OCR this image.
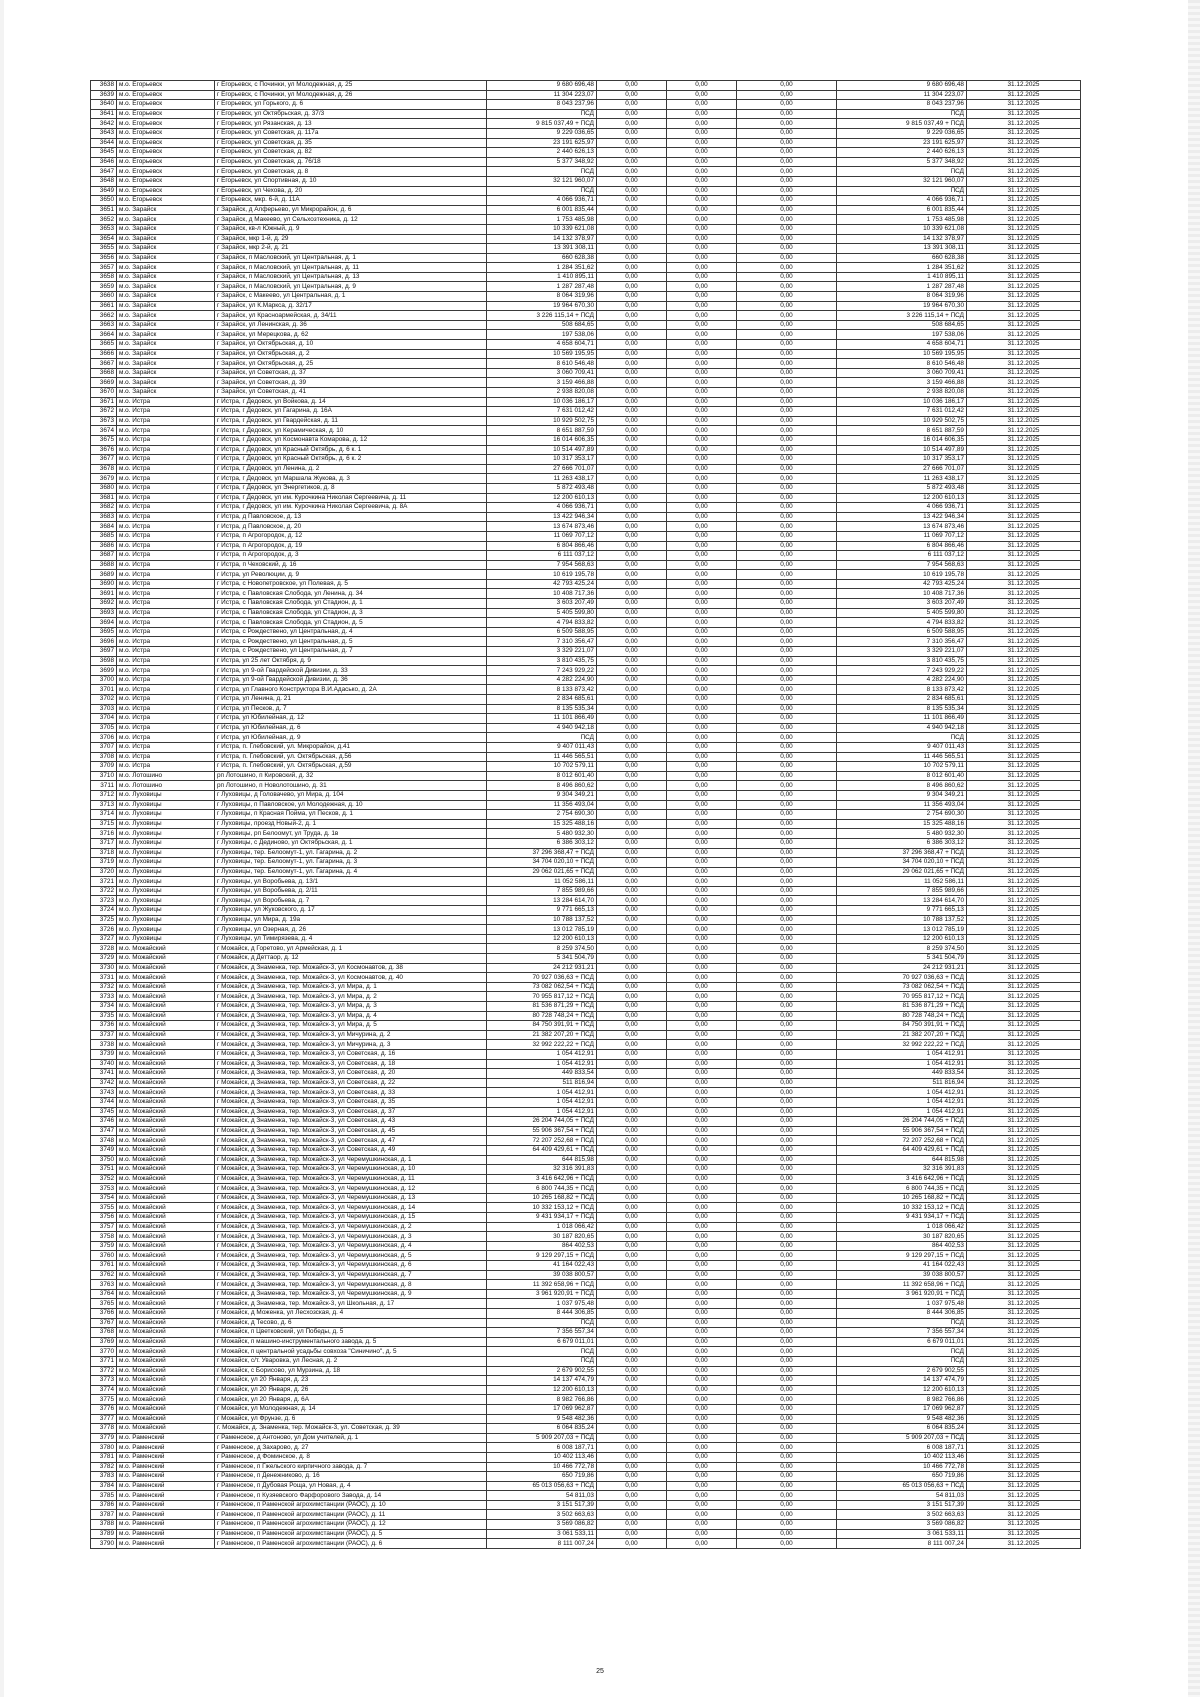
3638	м.о. Егорьевск	г Егорьевск, с Починки, ул Молодежная, д. 25	9 680 696,48	0,00	0,00	0,00	9 680 696,48	31.12.2025
3639	м.о. Егорьевск	г Егорьевск, с Починки, ул Молодежная, д. 26	11 304 223,07	0,00	0,00	0,00	11 304 223,07	31.12.2025
3640	м.о. Егорьевск	г Егорьевск, ул Горького, д. 6	8 043 237,96	0,00	0,00	0,00	8 043 237,96	31.12.2025
3641	м.о. Егорьевск	г Егорьевск, ул Октябрьская, д. 37/3	ПСД	0,00	0,00	0,00	ПСД	31.12.2025
3642	м.о. Егорьевск	г Егорьевск, ул Рязанская, д. 13	9 815 037,49 + ПСД	0,00	0,00	0,00	9 815 037,49 + ПСД	31.12.2025
3643	м.о. Егорьевск	г Егорьевск, ул Советская, д. 117а	9 229 036,65	0,00	0,00	0,00	9 229 036,65	31.12.2025
3644	м.о. Егорьевск	г Егорьевск, ул Советская, д. 35	23 191 625,97	0,00	0,00	0,00	23 191 625,97	31.12.2025
3645	м.о. Егорьевск	г Егорьевск, ул Советская, д. 82	2 440 626,13	0,00	0,00	0,00	2 440 626,13	31.12.2025
3646	м.о. Егорьевск	г Егорьевск, ул Советская, д. 76/18	5 377 348,92	0,00	0,00	0,00	5 377 348,92	31.12.2025
3647	м.о. Егорьевск	г Егорьевск, ул Советская, д. 8	ПСД	0,00	0,00	0,00	ПСД	31.12.2025
3648	м.о. Егорьевск	г Егорьевск, ул Спортивная, д. 10	32 121 960,07	0,00	0,00	0,00	32 121 960,07	31.12.2025
3649	м.о. Егорьевск	г Егорьевск, ул Чехова, д. 20	ПСД	0,00	0,00	0,00	ПСД	31.12.2025
3650	м.о. Егорьевск	г Егорьевск, мкр. 6-й, д. 11А	4 066 936,71	0,00	0,00	0,00	4 066 936,71	31.12.2025
3651	м.о. Зарайск	г Зарайск, д Алферьево, ул Микрорайон, д. 6	6 001 835,44	0,00	0,00	0,00	6 001 835,44	31.12.2025
3652	м.о. Зарайск	г Зарайск, д Макеево, ул Сельхозтехника, д. 12	1 753 485,98	0,00	0,00	0,00	1 753 485,98	31.12.2025
3653	м.о. Зарайск	г Зарайск, кв-л Южный, д. 9	10 339 621,08	0,00	0,00	0,00	10 339 621,08	31.12.2025
3654	м.о. Зарайск	г Зарайск, мкр 1-й, д. 29	14 132 378,97	0,00	0,00	0,00	14 132 378,97	31.12.2025
3655	м.о. Зарайск	г Зарайск, мкр 2-й, д. 21	13 391 308,11	0,00	0,00	0,00	13 391 308,11	31.12.2025
3656	м.о. Зарайск	г Зарайск, п Масловский, ул Центральная, д. 1	660 628,38	0,00	0,00	0,00	660 628,38	31.12.2025
3657	м.о. Зарайск	г Зарайск, п Масловский, ул Центральная, д. 11	1 284 351,62	0,00	0,00	0,00	1 284 351,62	31.12.2025
3658	м.о. Зарайск	г Зарайск, п Масловский, ул Центральная, д. 13	1 410 895,11	0,00	0,00	0,00	1 410 895,11	31.12.2025
3659	м.о. Зарайск	г Зарайск, п Масловский, ул Центральная, д. 9	1 287 287,48	0,00	0,00	0,00	1 287 287,48	31.12.2025
3660	м.о. Зарайск	г Зарайск, с Макеево, ул Центральная, д. 1	8 064 319,96	0,00	0,00	0,00	8 064 319,96	31.12.2025
3661	м.о. Зарайск	г Зарайск, ул К.Маркса, д. 32/17	19 964 670,30	0,00	0,00	0,00	19 964 670,30	31.12.2025
3662	м.о. Зарайск	г Зарайск, ул Красноармейская, д. 34/11	3 226 115,14 + ПСД	0,00	0,00	0,00	3 226 115,14 + ПСД	31.12.2025
3663	м.о. Зарайск	г Зарайск, ул Ленинская, д. 36	508 684,65	0,00	0,00	0,00	508 684,65	31.12.2025
3664	м.о. Зарайск	г Зарайск, ул Мерецкова, д. 62	197 538,06	0,00	0,00	0,00	197 538,06	31.12.2025
3665	м.о. Зарайск	г Зарайск, ул Октябрьская, д. 10	4 658 604,71	0,00	0,00	0,00	4 658 604,71	31.12.2025
3666	м.о. Зарайск	г Зарайск, ул Октябрьская, д. 2	10 569 195,95	0,00	0,00	0,00	10 569 195,95	31.12.2025
3667	м.о. Зарайск	г Зарайск, ул Октябрьская, д. 25	8 610 546,48	0,00	0,00	0,00	8 610 546,48	31.12.2025
3668	м.о. Зарайск	г Зарайск, ул Советская, д. 37	3 060 709,41	0,00	0,00	0,00	3 060 709,41	31.12.2025
3669	м.о. Зарайск	г Зарайск, ул Советская, д. 39	3 159 466,88	0,00	0,00	0,00	3 159 466,88	31.12.2025
3670	м.о. Зарайск	г Зарайск, ул Советская, д. 41	2 938 820,08	0,00	0,00	0,00	2 938 820,08	31.12.2025
3671	м.о. Истра	г Истра, г Дедовск, ул Войкова, д. 14	10 036 186,17	0,00	0,00	0,00	10 036 186,17	31.12.2025
3672	м.о. Истра	г Истра, г Дедовск, ул Гагарина, д. 16А	7 631 012,42	0,00	0,00	0,00	7 631 012,42	31.12.2025
3673	м.о. Истра	г Истра, г Дедовск, ул Гвардейская, д. 11	10 929 502,75	0,00	0,00	0,00	10 929 502,75	31.12.2025
3674	м.о. Истра	г Истра, г Дедовск, ул Керамическая, д. 10	8 651 887,59	0,00	0,00	0,00	8 651 887,59	31.12.2025
3675	м.о. Истра	г Истра, г Дедовск, ул Космонавта Комарова, д. 12	16 014 606,35	0,00	0,00	0,00	16 014 606,35	31.12.2025
3676	м.о. Истра	г Истра, г Дедовск, ул Красный Октябрь, д. 6 к. 1	10 514 497,89	0,00	0,00	0,00	10 514 497,89	31.12.2025
3677	м.о. Истра	г Истра, г Дедовск, ул Красный Октябрь, д. 6 к. 2	10 317 353,17	0,00	0,00	0,00	10 317 353,17	31.12.2025
3678	м.о. Истра	г Истра, г Дедовск, ул Ленина, д. 2	27 666 701,07	0,00	0,00	0,00	27 666 701,07	31.12.2025
3679	м.о. Истра	г Истра, г Дедовск, ул Маршала Жукова, д. 3	11 263 438,17	0,00	0,00	0,00	11 263 438,17	31.12.2025
3680	м.о. Истра	г Истра, г Дедовск, ул Энергетиков, д. 8	5 872 493,48	0,00	0,00	0,00	5 872 493,48	31.12.2025
3681	м.о. Истра	г Истра, г Дедовск, ул им. Курочкина Николая Сергеевича, д. 11	12 200 610,13	0,00	0,00	0,00	12 200 610,13	31.12.2025
3682	м.о. Истра	г Истра, г Дедовск, ул им. Курочкина Николая Сергеевича, д. 8А	4 066 936,71	0,00	0,00	0,00	4 066 936,71	31.12.2025
3683	м.о. Истра	г Истра, д Павловское, д. 13	13 422 946,34	0,00	0,00	0,00	13 422 946,34	31.12.2025
3684	м.о. Истра	г Истра, д Павловское, д. 20	13 674 873,46	0,00	0,00	0,00	13 674 873,46	31.12.2025
3685	м.о. Истра	г Истра, п Агрогородок, д. 12	11 069 707,12	0,00	0,00	0,00	11 069 707,12	31.12.2025
3686	м.о. Истра	г Истра, п Агрогородок, д. 19	6 804 866,46	0,00	0,00	0,00	6 804 866,46	31.12.2025
3687	м.о. Истра	г Истра, п Агрогородок, д. 3	6 111 037,12	0,00	0,00	0,00	6 111 037,12	31.12.2025
3688	м.о. Истра	г Истра, п Чеховский, д. 16	7 954 568,63	0,00	0,00	0,00	7 954 568,63	31.12.2025
3689	м.о. Истра	г Истра, ул Революции, д. 9	10 619 195,78	0,00	0,00	0,00	10 619 195,78	31.12.2025
3690	м.о. Истра	г Истра, с Новопетровское, ул Полевая, д. 5	42 793 425,24	0,00	0,00	0,00	42 793 425,24	31.12.2025
3691	м.о. Истра	г Истра, с Павловская Слобода, ул Ленина, д. 34	10 408 717,36	0,00	0,00	0,00	10 408 717,36	31.12.2025
3692	м.о. Истра	г Истра, с Павловская Слобода, ул Стадион, д. 1	3 603 207,49	0,00	0,00	0,00	3 603 207,49	31.12.2025
3693	м.о. Истра	г Истра, с Павловская Слобода, ул Стадион, д. 3	5 405 599,80	0,00	0,00	0,00	5 405 599,80	31.12.2025
3694	м.о. Истра	г Истра, с Павловская Слобода, ул Стадион, д. 5	4 794 833,82	0,00	0,00	0,00	4 794 833,82	31.12.2025
3695	м.о. Истра	г Истра, с Рождествено, ул Центральная, д. 4	6 509 588,95	0,00	0,00	0,00	6 509 588,95	31.12.2025
3696	м.о. Истра	г Истра, с Рождествено, ул Центральная, д. 5	7 310 356,47	0,00	0,00	0,00	7 310 356,47	31.12.2025
3697	м.о. Истра	г Истра, с Рождествено, ул Центральная, д. 7	3 329 221,07	0,00	0,00	0,00	3 329 221,07	31.12.2025
3698	м.о. Истра	г Истра, ул 25 лет Октября, д. 9	3 810 435,75	0,00	0,00	0,00	3 810 435,75	31.12.2025
3699	м.о. Истра	г Истра, ул 9-ой Гвардейской Дивизии, д. 33	7 243 929,22	0,00	0,00	0,00	7 243 929,22	31.12.2025
3700	м.о. Истра	г Истра, ул 9-ой Гвардейской Дивизии, д. 36	4 282 224,90	0,00	0,00	0,00	4 282 224,90	31.12.2025
3701	м.о. Истра	г Истра, ул Главного Конструктора В.И.Адасько, д. 2А	8 133 873,42	0,00	0,00	0,00	8 133 873,42	31.12.2025
3702	м.о. Истра	г Истра, ул Ленина, д. 21	2 834 685,61	0,00	0,00	0,00	2 834 685,61	31.12.2025
3703	м.о. Истра	г Истра, ул Песков, д. 7	8 135 535,34	0,00	0,00	0,00	8 135 535,34	31.12.2025
3704	м.о. Истра	г Истра, ул Юбилейная, д. 12	11 101 866,49	0,00	0,00	0,00	11 101 866,49	31.12.2025
3705	м.о. Истра	г Истра, ул Юбилейная, д. 6	4 940 942,18	0,00	0,00	0,00	4 940 942,18	31.12.2025
3706	м.о. Истра	г Истра, ул Юбилейная, д. 9	ПСД	0,00	0,00	0,00	ПСД	31.12.2025
3707	м.о. Истра	г Истра, п. Глебовский, ул. Микрорайон, д.41	9 407 011,43	0,00	0,00	0,00	9 407 011,43	31.12.2025
3708	м.о. Истра	г Истра, п. Глебовский, ул. Октябрьская, д.56	11 446 565,51	0,00	0,00	0,00	11 446 565,51	31.12.2025
3709	м.о. Истра	г Истра, п. Глебовский, ул. Октябрьская, д.59	10 702 579,11	0,00	0,00	0,00	10 702 579,11	31.12.2025
3710	м.о. Лотошино	рп Лотошино, п Кировский, д. 32	8 012 601,40	0,00	0,00	0,00	8 012 601,40	31.12.2025
3711	м.о. Лотошино	рп Лотошино, п Новолотошино, д. 31	8 496 860,62	0,00	0,00	0,00	8 496 860,62	31.12.2025
3712	м.о. Луховицы	г Луховицы, д Головачево, ул Мира, д. 104	9 304 349,21	0,00	0,00	0,00	9 304 349,21	31.12.2025
3713	м.о. Луховицы	г Луховицы, п Павловское, ул Молодежная, д. 10	11 356 493,04	0,00	0,00	0,00	11 356 493,04	31.12.2025
3714	м.о. Луховицы	г Луховицы, п Красная Пойма, ул Песков, д. 1	2 754 690,30	0,00	0,00	0,00	2 754 690,30	31.12.2025
3715	м.о. Луховицы	г Луховицы, проезд Новый-2, д. 1	15 325 488,16	0,00	0,00	0,00	15 325 488,16	31.12.2025
3716	м.о. Луховицы	г Луховицы, рп Белоомут, ул Труда, д. 1в	5 480 932,30	0,00	0,00	0,00	5 480 932,30	31.12.2025
3717	м.о. Луховицы	г Луховицы, с Дединово, ул Октябрьская, д. 1	6 386 303,12	0,00	0,00	0,00	6 386 303,12	31.12.2025
3718	м.о. Луховицы	г Луховицы, тер. Белоомут-1, ул. Гагарина, д. 2	37 296 368,47 + ПСД	0,00	0,00	0,00	37 296 368,47 + ПСД	31.12.2025
3719	м.о. Луховицы	г Луховицы, тер. Белоомут-1, ул. Гагарина, д. 3	34 704 020,10 + ПСД	0,00	0,00	0,00	34 704 020,10 + ПСД	31.12.2025
3720	м.о. Луховицы	г Луховицы, тер. Белоомут-1, ул. Гагарина, д. 4	29 062 021,65 + ПСД	0,00	0,00	0,00	29 062 021,65 + ПСД	31.12.2025
3721	м.о. Луховицы	г Луховицы, ул Воробьева, д. 13/1	11 052 586,11	0,00	0,00	0,00	11 052 586,11	31.12.2025
3722	м.о. Луховицы	г Луховицы, ул Воробьева, д. 2/11	7 855 989,66	0,00	0,00	0,00	7 855 989,66	31.12.2025
3723	м.о. Луховицы	г Луховицы, ул Воробьева, д. 7	13 284 614,70	0,00	0,00	0,00	13 284 614,70	31.12.2025
3724	м.о. Луховицы	г Луховицы, ул Жуковского, д. 17	9 771 665,13	0,00	0,00	0,00	9 771 665,13	31.12.2025
3725	м.о. Луховицы	г Луховицы, ул Мира, д. 19а	10 788 137,52	0,00	0,00	0,00	10 788 137,52	31.12.2025
3726	м.о. Луховицы	г Луховицы, ул Озерная, д. 26	13 012 785,19	0,00	0,00	0,00	13 012 785,19	31.12.2025
3727	м.о. Луховицы	г Луховицы, ул Тимирязева, д. 4	12 200 610,13	0,00	0,00	0,00	12 200 610,13	31.12.2025
3728	м.о. Можайский	г Можайск, д Горетово, ул Армейская, д. 1	8 259 374,50	0,00	0,00	0,00	8 259 374,50	31.12.2025
3729	м.о. Можайский	г Можайск, д Деттаор, д. 12	5 341 504,79	0,00	0,00	0,00	5 341 504,79	31.12.2025
3730	м.о. Можайский	г Можайск, д Знаменка, тер. Можайск-3, ул Космонавтов, д. 38	24 212 931,21	0,00	0,00	0,00	24 212 931,21	31.12.2025
3731	м.о. Можайский	г Можайск, д Знаменка, тер. Можайск-3, ул Космонавтов, д. 40	70 927 036,63 + ПСД	0,00	0,00	0,00	70 927 036,63 + ПСД	31.12.2025
3732	м.о. Можайский	г Можайск, д Знаменка, тер. Можайск-3, ул Мира, д. 1	73 082 062,54 + ПСД	0,00	0,00	0,00	73 082 062,54 + ПСД	31.12.2025
3733	м.о. Можайский	г Можайск, д Знаменка, тер. Можайск-3, ул Мира, д. 2	70 955 817,12 + ПСД	0,00	0,00	0,00	70 955 817,12 + ПСД	31.12.2025
3734	м.о. Можайский	г Можайск, д Знаменка, тер. Можайск-3, ул Мира, д. 3	81 536 871,29 + ПСД	0,00	0,00	0,00	81 536 871,29 + ПСД	31.12.2025
3735	м.о. Можайский	г Можайск, д Знаменка, тер. Можайск-3, ул Мира, д. 4	80 728 748,24 + ПСД	0,00	0,00	0,00	80 728 748,24 + ПСД	31.12.2025
3736	м.о. Можайский	г Можайск, д Знаменка, тер. Можайск-3, ул Мира, д. 5	84 750 391,91 + ПСД	0,00	0,00	0,00	84 750 391,91 + ПСД	31.12.2025
3737	м.о. Можайский	г Можайск, д Знаменка, тер. Можайск-3, ул Мичурина, д. 2	21 382 207,20 + ПСД	0,00	0,00	0,00	21 382 207,20 + ПСД	31.12.2025
3738	м.о. Можайский	г Можайск, д Знаменка, тер. Можайск-3, ул Мичурина, д. 3	32 992 222,22 + ПСД	0,00	0,00	0,00	32 992 222,22 + ПСД	31.12.2025
3739	м.о. Можайский	г Можайск, д Знаменка, тер. Можайск-3, ул Советская, д. 16	1 054 412,91	0,00	0,00	0,00	1 054 412,91	31.12.2025
3740	м.о. Можайский	г Можайск, д Знаменка, тер. Можайск-3, ул Советская, д. 18	1 054 412,91	0,00	0,00	0,00	1 054 412,91	31.12.2025
3741	м.о. Можайский	г Можайск, д Знаменка, тер. Можайск-3, ул Советская, д. 20	449 833,54	0,00	0,00	0,00	449 833,54	31.12.2025
3742	м.о. Можайский	г Можайск, д Знаменка, тер. Можайск-3, ул Советская, д. 22	511 816,94	0,00	0,00	0,00	511 816,94	31.12.2025
3743	м.о. Можайский	г Можайск, д Знаменка, тер. Можайск-3, ул Советская, д. 33	1 054 412,91	0,00	0,00	0,00	1 054 412,91	31.12.2025
3744	м.о. Можайский	г Можайск, д Знаменка, тер. Можайск-3, ул Советская, д. 35	1 054 412,91	0,00	0,00	0,00	1 054 412,91	31.12.2025
3745	м.о. Можайский	г Можайск, д Знаменка, тер. Можайск-3, ул Советская, д. 37	1 054 412,91	0,00	0,00	0,00	1 054 412,91	31.12.2025
3746	м.о. Можайский	г Можайск, д Знаменка, тер. Можайск-3, ул Советская, д. 43	26 204 744,05 + ПСД	0,00	0,00	0,00	26 204 744,05 + ПСД	31.12.2025
3747	м.о. Можайский	г Можайск, д Знаменка, тер. Можайск-3, ул Советская, д. 45	55 906 367,54 + ПСД	0,00	0,00	0,00	55 906 367,54 + ПСД	31.12.2025
3748	м.о. Можайский	г Можайск, д Знаменка, тер. Можайск-3, ул Советская, д. 47	72 207 252,68 + ПСД	0,00	0,00	0,00	72 207 252,68 + ПСД	31.12.2025
3749	м.о. Можайский	г Можайск, д Знаменка, тер. Можайск-3, ул Советская, д. 49	64 409 429,61 + ПСД	0,00	0,00	0,00	64 409 429,61 + ПСД	31.12.2025
3750	м.о. Можайский	г Можайск, д Знаменка, тер. Можайск-3, ул Черемушкинская, д. 1	644 815,98	0,00	0,00	0,00	644 815,98	31.12.2025
3751	м.о. Можайский	г Можайск, д Знаменка, тер. Можайск-3, ул Черемушкинская, д. 10	32 316 391,83	0,00	0,00	0,00	32 316 391,83	31.12.2025
3752	м.о. Можайский	г Можайск, д Знаменка, тер. Можайск-3, ул Черемушкинская, д. 11	3 416 642,96 + ПСД	0,00	0,00	0,00	3 416 642,96 + ПСД	31.12.2025
3753	м.о. Можайский	г Можайск, д Знаменка, тер. Можайск-3, ул Черемушкинская, д. 12	6 800 744,35 + ПСД	0,00	0,00	0,00	6 800 744,35 + ПСД	31.12.2025
3754	м.о. Можайский	г Можайск, д Знаменка, тер. Можайск-3, ул Черемушкинская, д. 13	10 265 168,82 + ПСД	0,00	0,00	0,00	10 265 168,82 + ПСД	31.12.2025
3755	м.о. Можайский	г Можайск, д Знаменка, тер. Можайск-3, ул Черемушкинская, д. 14	10 332 153,12 + ПСД	0,00	0,00	0,00	10 332 153,12 + ПСД	31.12.2025
3756	м.о. Можайский	г Можайск, д Знаменка, тер. Можайск-3, ул Черемушкинская, д. 15	9 431 934,17 + ПСД	0,00	0,00	0,00	9 431 934,17 + ПСД	31.12.2025
3757	м.о. Можайский	г Можайск, д Знаменка, тер. Можайск-3, ул Черемушкинская, д. 2	1 018 066,42	0,00	0,00	0,00	1 018 066,42	31.12.2025
3758	м.о. Можайский	г Можайск, д Знаменка, тер. Можайск-3, ул Черемушкинская, д. 3	30 187 820,65	0,00	0,00	0,00	30 187 820,65	31.12.2025
3759	м.о. Можайский	г Можайск, д Знаменка, тер. Можайск-3, ул Черемушкинская, д. 4	864 402,53	0,00	0,00	0,00	864 402,53	31.12.2025
3760	м.о. Можайский	г Можайск, д Знаменка, тер. Можайск-3, ул Черемушкинская, д. 5	9 129 297,15 + ПСД	0,00	0,00	0,00	9 129 297,15 + ПСД	31.12.2025
3761	м.о. Можайский	г Можайск, д Знаменка, тер. Можайск-3, ул Черемушкинская, д. 6	41 164 022,43	0,00	0,00	0,00	41 164 022,43	31.12.2025
3762	м.о. Можайский	г Можайск, д Знаменка, тер. Можайск-3, ул Черемушкинская, д. 7	39 038 800,57	0,00	0,00	0,00	39 038 800,57	31.12.2025
3763	м.о. Можайский	г Можайск, д Знаменка, тер. Можайск-3, ул Черемушкинская, д. 8	11 392 658,96 + ПСД	0,00	0,00	0,00	11 392 658,96 + ПСД	31.12.2025
3764	м.о. Можайский	г Можайск, д Знаменка, тер. Можайск-3, ул Черемушкинская, д. 9	3 961 920,91 + ПСД	0,00	0,00	0,00	3 961 920,91 + ПСД	31.12.2025
3765	м.о. Можайский	г Можайск, д Знаменка, тер. Можайск-3, ул Школьная, д. 17	1 037 975,48	0,00	0,00	0,00	1 037 975,48	31.12.2025
3766	м.о. Можайский	г Можайск, д Моженка, ул Лесхозская, д. 4	8 444 306,85	0,00	0,00	0,00	8 444 306,85	31.12.2025
3767	м.о. Можайский	г Можайск, д Тесово, д. 6	ПСД	0,00	0,00	0,00	ПСД	31.12.2025
3768	м.о. Можайский	г Можайск, п Цветковский, ул Победы, д. 5	7 356 557,34	0,00	0,00	0,00	7 356 557,34	31.12.2025
3769	м.о. Можайский	г Можайск, п машино-инструментального завода, д. 5	6 679 011,01	0,00	0,00	0,00	6 679 011,01	31.12.2025
3770	м.о. Можайский	г Можайск, п центральной усадьбы совхоза "Синичино", д. 5	ПСД	0,00	0,00	0,00	ПСД	31.12.2025
3771	м.о. Можайский	г Можайск, с/т. Уваровка, ул Лесная, д. 2	ПСД	0,00	0,00	0,00	ПСД	31.12.2025
3772	м.о. Можайский	г Можайск, с Борисово, ул Мурзина, д. 18	2 679 902,55	0,00	0,00	0,00	2 679 902,55	31.12.2025
3773	м.о. Можайский	г Можайск, ул 20 Января, д. 23	14 137 474,79	0,00	0,00	0,00	14 137 474,79	31.12.2025
3774	м.о. Можайский	г Можайск, ул 20 Января, д. 26	12 200 610,13	0,00	0,00	0,00	12 200 610,13	31.12.2025
3775	м.о. Можайский	г Можайск, ул 20 Января, д. 6А	8 982 766,86	0,00	0,00	0,00	8 982 766,86	31.12.2025
3776	м.о. Можайский	г Можайск, ул Молодежная, д. 14	17 069 962,87	0,00	0,00	0,00	17 069 962,87	31.12.2025
3777	м.о. Можайский	г Можайск, ул Фрунзе, д. 6	9 548 482,36	0,00	0,00	0,00	9 548 482,36	31.12.2025
3778	м.о. Можайский	г. Можайск, д. Знаменка, тер. Можайск-3, ул. Советская, д. 39	6 064 835,24	0,00	0,00	0,00	6 064 835,24	31.12.2025
3779	м.о. Раменский	г Раменское, д Антоново, ул Дом учителей, д. 1	5 909 207,03 + ПСД	0,00	0,00	0,00	5 909 207,03 + ПСД	31.12.2025
3780	м.о. Раменский	г Раменское, д Захарово, д. 27	6 008 187,71	0,00	0,00	0,00	6 008 187,71	31.12.2025
3781	м.о. Раменский	г Раменское, д Фоминское, д. 8	10 402 113,46	0,00	0,00	0,00	10 402 113,46	31.12.2025
3782	м.о. Раменский	г Раменское, п Гжельского кирпичного завода, д. 7	10 466 772,78	0,00	0,00	0,00	10 466 772,78	31.12.2025
3783	м.о. Раменский	г Раменское, п Денежниково, д. 16	650 719,86	0,00	0,00	0,00	650 719,86	31.12.2025
3784	м.о. Раменский	г Раменское, п Дубовая Роща, ул Новая, д. 4	65 013 056,63 + ПСД	0,00	0,00	0,00	65 013 056,63 + ПСД	31.12.2025
3785	м.о. Раменский	г Раменское, п Кузяевского Фарфорового Завода, д. 14	54 811,03	0,00	0,00	0,00	54 811,03	31.12.2025
3786	м.о. Раменский	г Раменское, п Раменской агрохимстанции (РАОС), д. 10	3 151 517,39	0,00	0,00	0,00	3 151 517,39	31.12.2025
3787	м.о. Раменский	г Раменское, п Раменской агрохимстанции (РАОС), д. 11	3 502 663,63	0,00	0,00	0,00	3 502 663,63	31.12.2025
3788	м.о. Раменский	г Раменское, п Раменской агрохимстанции (РАОС), д. 12	3 569 086,82	0,00	0,00	0,00	3 569 086,82	31.12.2025
3789	м.о. Раменский	г Раменское, п Раменской агрохимстанции (РАОС), д. 5	3 061 533,11	0,00	0,00	0,00	3 061 533,11	31.12.2025
3790	м.о. Раменский	г Раменское, п Раменской агрохимстанции (РАОС), д. 6	8 111 007,24	0,00	0,00	0,00	8 111 007,24	31.12.2025
25
